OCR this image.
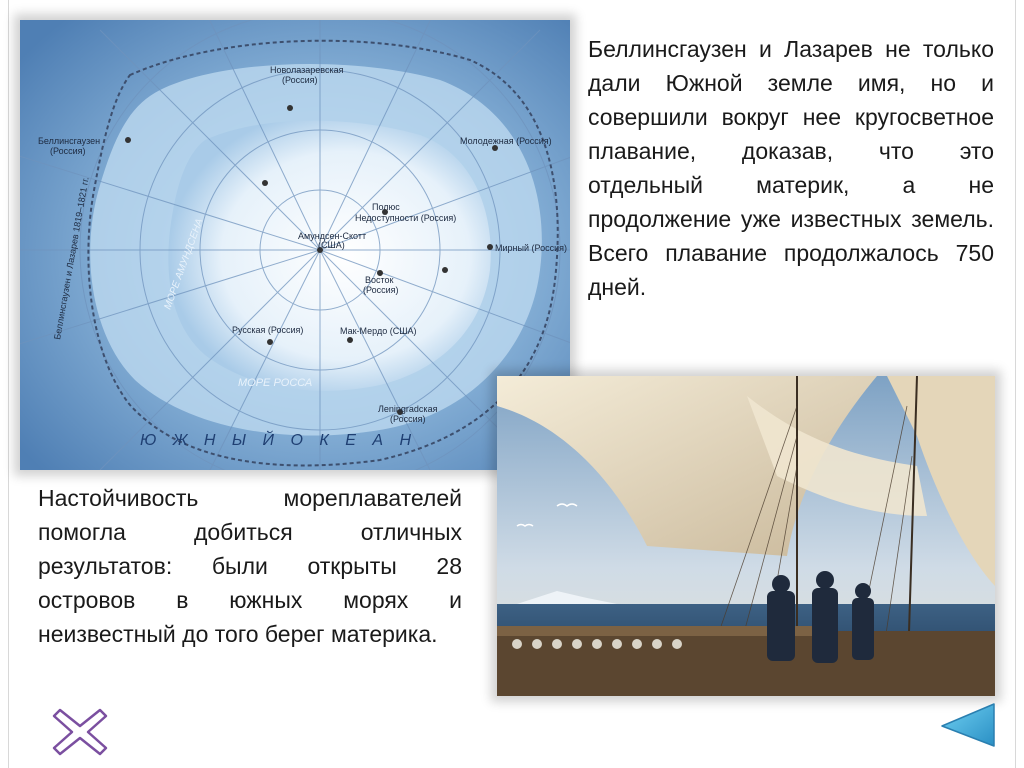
Полюс
Недоступности (Россия)
Амундсен-Скотт
(США)
Восток
(Россия)
Мирный (Россия)
Молодежная (Россия)
Новолазаревская
(Россия)
Беллинсгаузен
(Россия)
Мак-Мердо (США)
Леningradская
(Россия)
Русская (Россия)
МОРЕ РОССА
МОРЕ АМУНДСЕНА
Ю Ж Н Ы Й О К Е А Н
Беллинсгаузен и Лазарев 1819–1821 гг.
Беллинсгаузен и Лазарев не только дали Южной земле имя, но и совершили вокруг нее кругосветное плавание, доказав, что это отдельный материк, а не продолжение уже известных земель. Всего плавание продолжалось 750 дней.
Настойчивость мореплавателей помогла добиться отличных результатов: были открыты 28 островов в южных морях и неизвестный до того берег материка.
